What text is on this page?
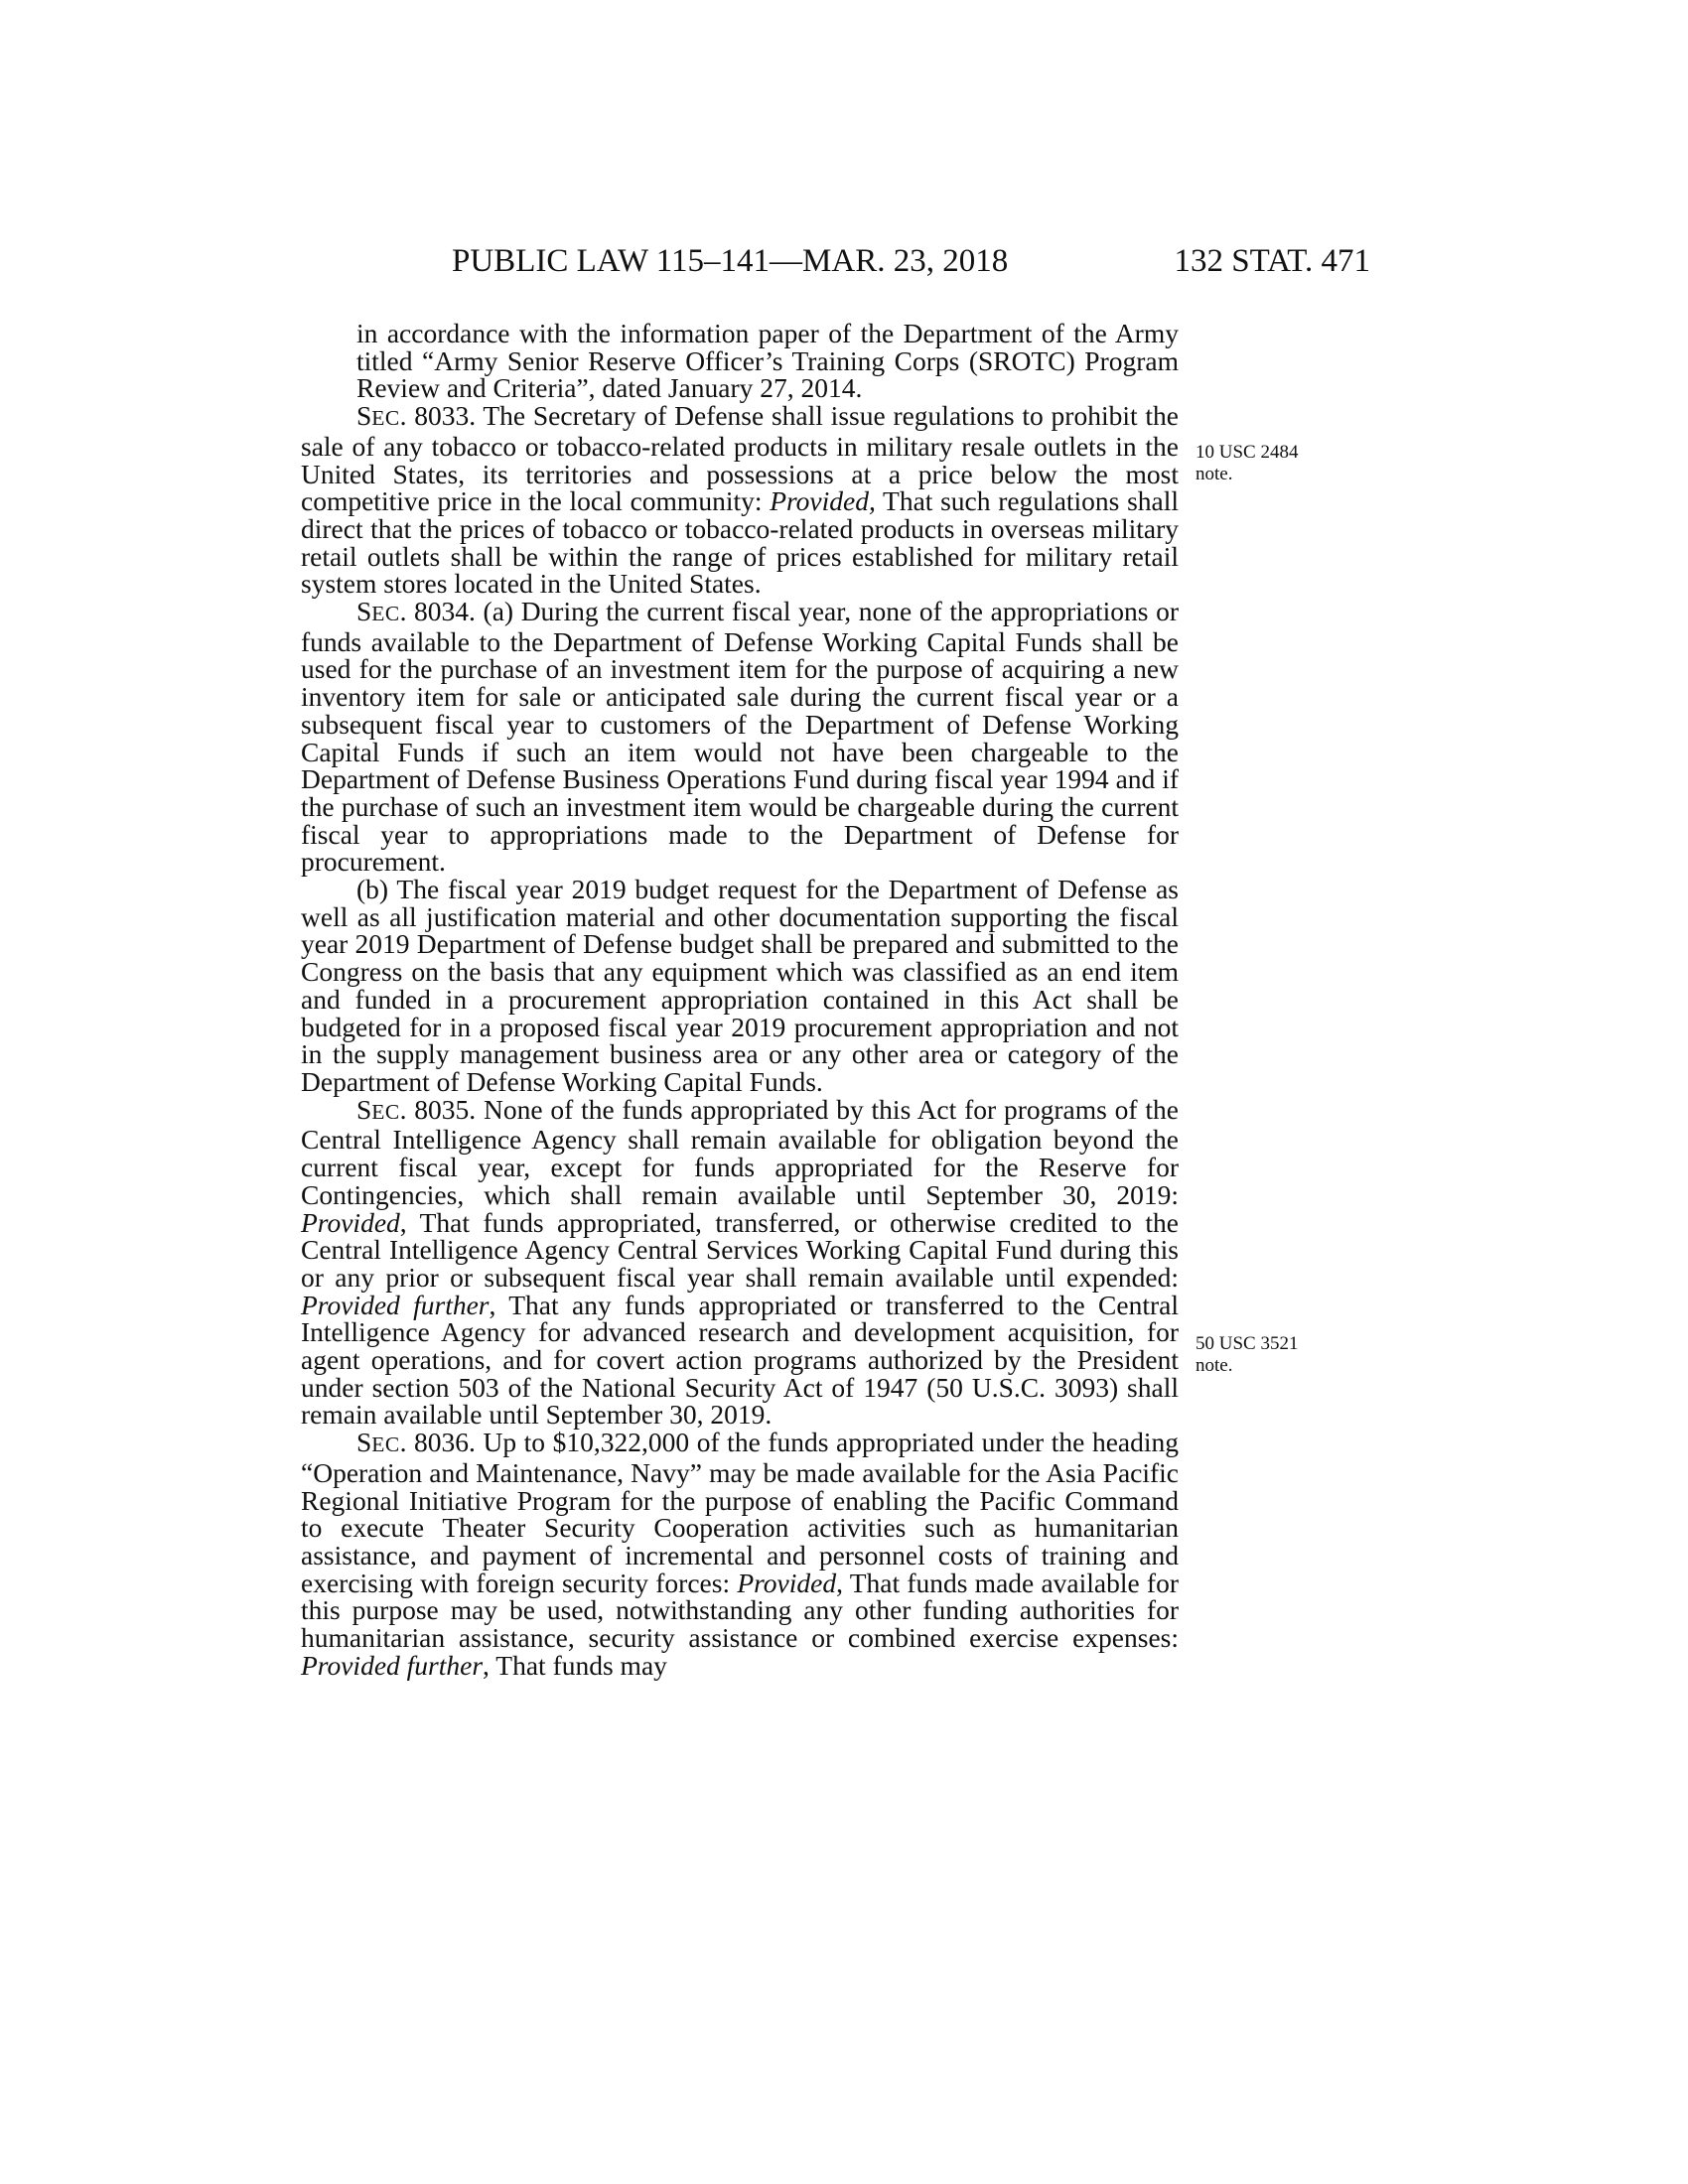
PUBLIC LAW 115–141—MAR. 23, 2018	132 STAT. 471
10 USC 2484
note.
50 USC 3521
note.

in accordance with the information paper of the Department of the Army titled “Army Senior Reserve Officer’s Training Corps (SROTC) Program Review and Criteria”, dated January 27, 2014.

SEC. 8033. The Secretary of Defense shall issue regulations to prohibit the sale of any tobacco or tobacco-related products in military resale outlets in the United States, its territories and possessions at a price below the most competitive price in the local community: Provided, That such regulations shall direct that the prices of tobacco or tobacco-related products in overseas military retail outlets shall be within the range of prices established for military retail system stores located in the United States.

SEC. 8034. (a) During the current fiscal year, none of the appropriations or funds available to the Department of Defense Working Capital Funds shall be used for the purchase of an investment item for the purpose of acquiring a new inventory item for sale or anticipated sale during the current fiscal year or a subsequent fiscal year to customers of the Department of Defense Working Capital Funds if such an item would not have been chargeable to the Department of Defense Business Operations Fund during fiscal year 1994 and if the purchase of such an investment item would be chargeable during the current fiscal year to appropriations made to the Department of Defense for procurement.

(b) The fiscal year 2019 budget request for the Department of Defense as well as all justification material and other documentation supporting the fiscal year 2019 Department of Defense budget shall be prepared and submitted to the Congress on the basis that any equipment which was classified as an end item and funded in a procurement appropriation contained in this Act shall be budgeted for in a proposed fiscal year 2019 procurement appropriation and not in the supply management business area or any other area or category of the Department of Defense Working Capital Funds.

SEC. 8035. None of the funds appropriated by this Act for programs of the Central Intelligence Agency shall remain available for obligation beyond the current fiscal year, except for funds appropriated for the Reserve for Contingencies, which shall remain available until September 30, 2019: Provided, That funds appropriated, transferred, or otherwise credited to the Central Intelligence Agency Central Services Working Capital Fund during this or any prior or subsequent fiscal year shall remain available until expended: Provided further, That any funds appropriated or transferred to the Central Intelligence Agency for advanced research and development acquisition, for agent operations, and for covert action programs authorized by the President under section 503 of the National Security Act of 1947 (50 U.S.C. 3093) shall remain available until September 30, 2019.

SEC. 8036. Up to $10,322,000 of the funds appropriated under the heading “Operation and Maintenance, Navy” may be made available for the Asia Pacific Regional Initiative Program for the purpose of enabling the Pacific Command to execute Theater Security Cooperation activities such as humanitarian assistance, and payment of incremental and personnel costs of training and exercising with foreign security forces: Provided, That funds made available for this purpose may be used, notwithstanding any other funding authorities for humanitarian assistance, security assistance or combined exercise expenses: Provided further, That funds may
